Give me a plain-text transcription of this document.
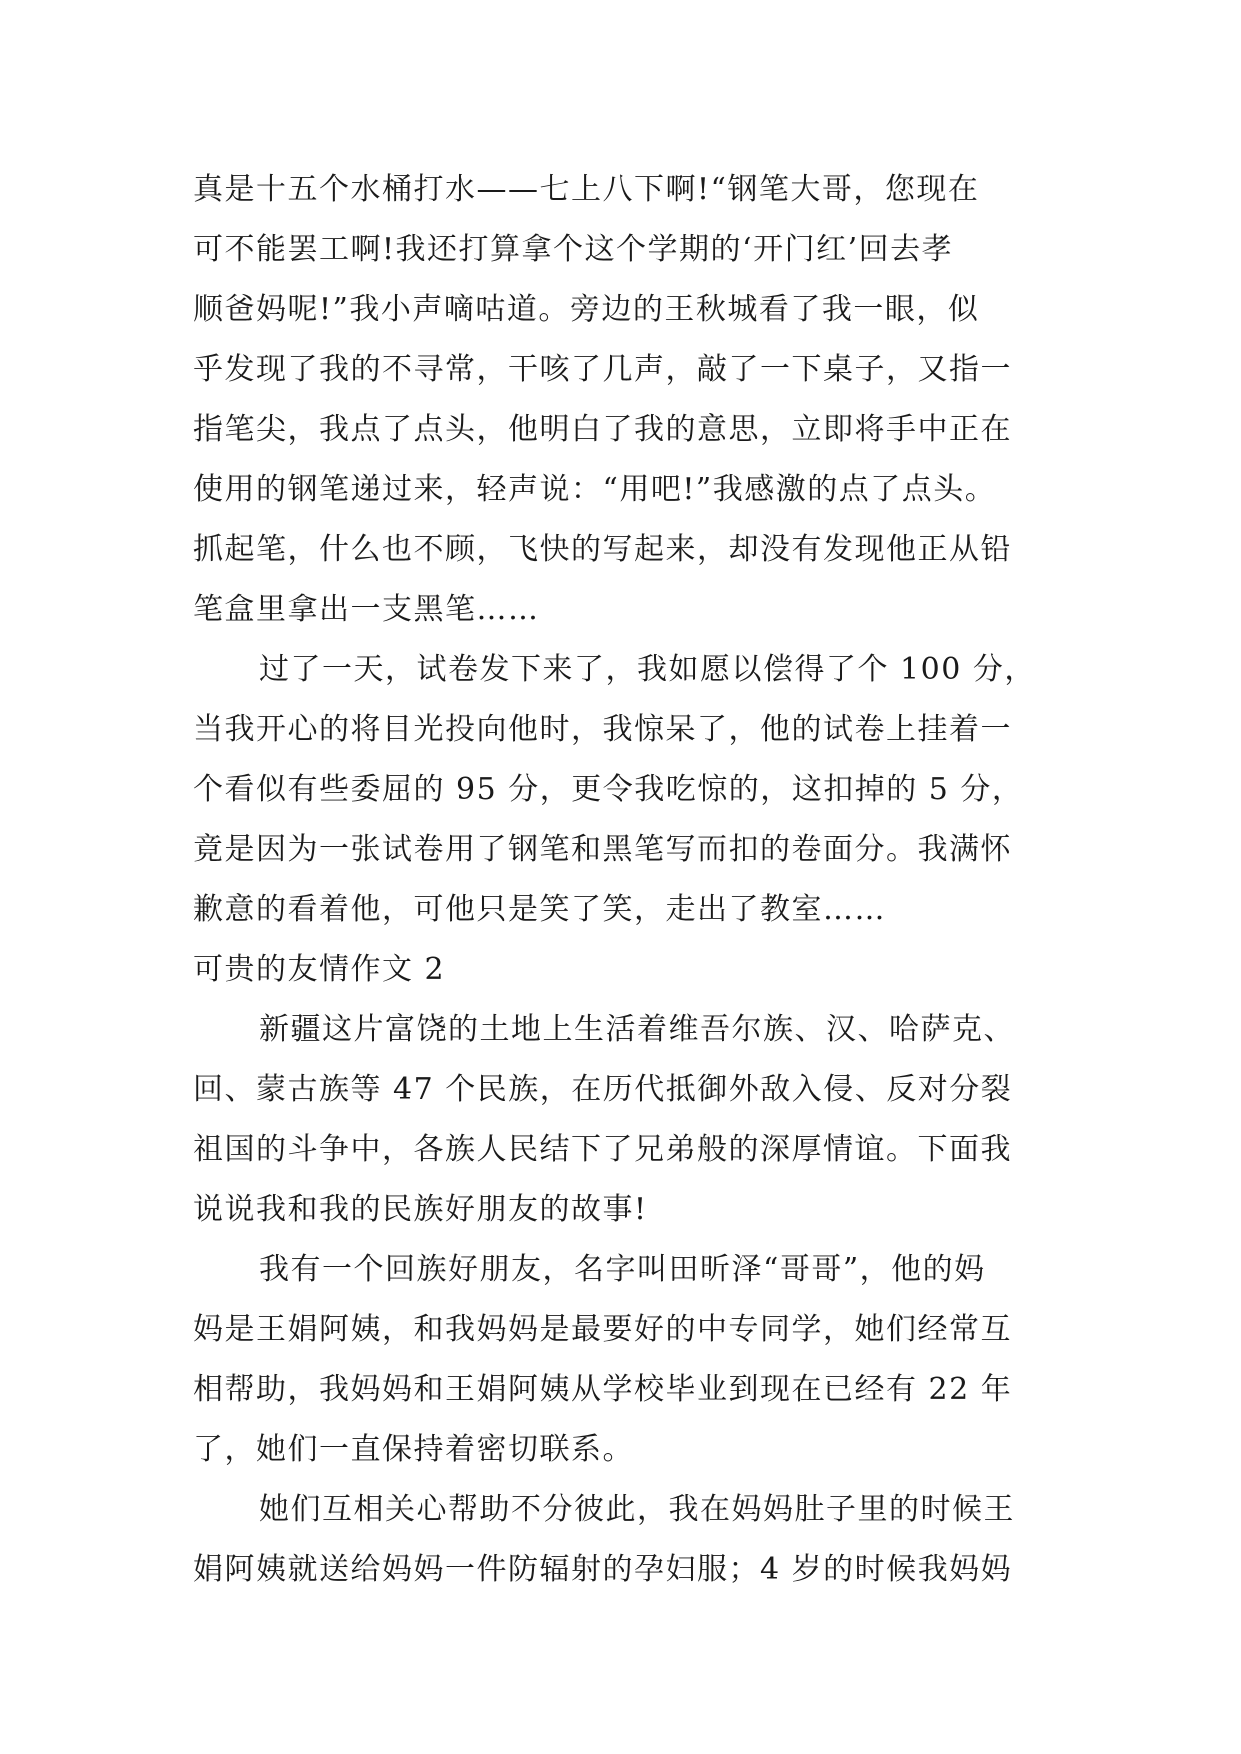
真是十五个水桶打水——七上八下啊!“钢笔大哥，您现在
可不能罢工啊!我还打算拿个这个学期的‘开门红’回去孝
顺爸妈呢!”我小声嘀咕道。旁边的王秋城看了我一眼，似
乎发现了我的不寻常，干咳了几声，敲了一下桌子，又指一
指笔尖，我点了点头，他明白了我的意思，立即将手中正在
使用的钢笔递过来，轻声说：“用吧!”我感激的点了点头。
抓起笔，什么也不顾，飞快的写起来，却没有发现他正从铅
笔盒里拿出一支黑笔……
过了一天，试卷发下来了，我如愿以偿得了个 100 分，
当我开心的将目光投向他时，我惊呆了，他的试卷上挂着一
个看似有些委屈的 95 分，更令我吃惊的，这扣掉的 5 分，
竟是因为一张试卷用了钢笔和黑笔写而扣的卷面分。我满怀
歉意的看着他，可他只是笑了笑，走出了教室……
可贵的友情作文 2
新疆这片富饶的土地上生活着维吾尔族、汉、哈萨克、
回、蒙古族等 47 个民族，在历代抵御外敌入侵、反对分裂
祖国的斗争中，各族人民结下了兄弟般的深厚情谊。下面我
说说我和我的民族好朋友的故事!
我有一个回族好朋友，名字叫田昕泽“哥哥”，他的妈
妈是王娟阿姨，和我妈妈是最要好的中专同学，她们经常互
相帮助，我妈妈和王娟阿姨从学校毕业到现在已经有 22 年
了，她们一直保持着密切联系。
她们互相关心帮助不分彼此，我在妈妈肚子里的时候王
娟阿姨就送给妈妈一件防辐射的孕妇服；4 岁的时候我妈妈
